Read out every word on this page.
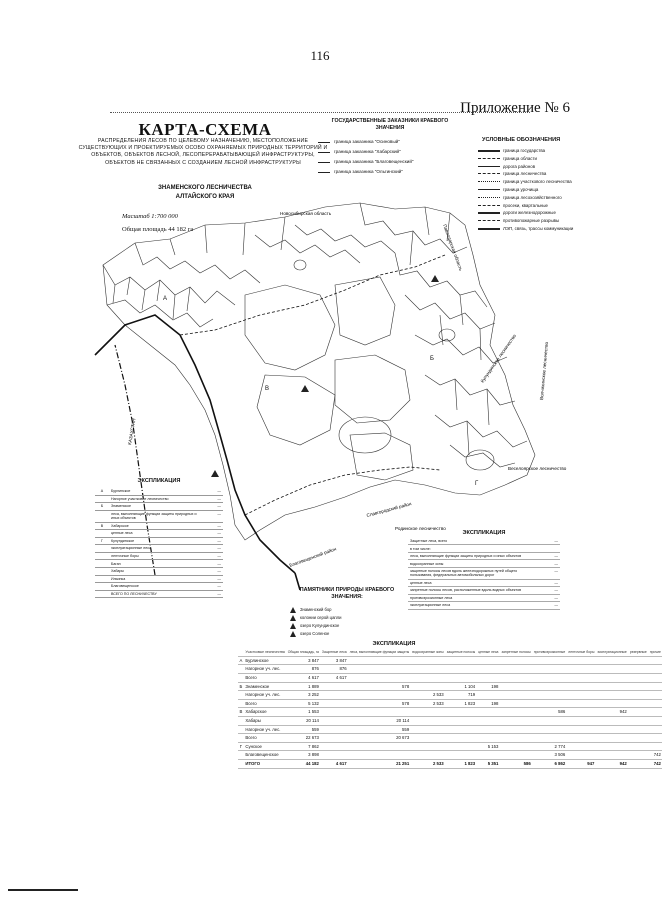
116
Приложение № 6
КАРТА-СХЕМА
РАСПРЕДЕЛЕНИЯ ЛЕСОВ ПО ЦЕЛЕВОМУ НАЗНАЧЕНИЮ, МЕСТОПОЛОЖЕНИЕ СУЩЕСТВУЮЩИХ И ПРОЕКТИРУЕМЫХ ОСОБО ОХРАНЯЕМЫХ ПРИРОДНЫХ ТЕРРИТОРИЙ И ОБЪЕКТОВ, ОБЪЕКТОВ ЛЕСНОЙ, ЛЕСОПЕРЕРАБАТЫВАЮЩЕЙ ИНФРАСТРУКТУРЫ, ОБЪЕКТОВ НЕ СВЯЗАННЫХ С СОЗДАНИЕМ ЛЕСНОЙ ИНФРАСТРУКТУРЫ
ЗНАМЕНСКОГО ЛЕСНИЧЕСТВА
АЛТАЙСКОГО КРАЯ
Масштаб 1:700 000
Общая площадь 44 182 га
ГОСУДАРСТВЕННЫЕ ЗАКАЗНИКИ КРАЕВОГО ЗНАЧЕНИЯ
граница заказника "Осиновый"
граница заказника "Хабарский"
граница заказника "Благовещенский"
граница заказника "Ольгинский"
УСЛОВНЫЕ ОБОЗНАЧЕНИЯ
граница государства
граница области
дорога районов
граница лесничества
граница участкового лесничества
граница урочища
граница лесохозяйственного
просеки, квартальные
дороги железнодорожные
противопожарные разрывы
ЛЭП, связь, трассы коммуникации
Новосибирская область
Павлодарская область
КАЗАХСТАН
Веселоярское лесничество
Волчихинское лесничество
Кулундинское лесничество
Родинское лесничество
Славгородский район
Благовещенский район
А
Б
Г
В
ЭКСПЛИКАЦИЯ
А	Бурлинское	—
	Нагорное участковое лесничество	—
Б	Знаменское	—
	леса, выполняющие функции защиты природных и иных объектов	—
В	Хабарское	—
	ценные леса	—
Г	Кулундинское	—
	эксплуатационные леса	—
	ленточные боры	—
	Баган	—
	Хабары	—
	Ильинка	—
	Благовещенское	—
	ВСЕГО ПО ЛЕСНИЧЕСТВУ	—
ЭКСПЛИКАЦИЯ
Защитные леса, всего	—
в том числе:	
леса, выполняющие функции защиты природных и иных объектов	—
водоохранные зоны	—
защитные полосы лесов вдоль железнодорожных путей общего пользования, федеральных автомобильных дорог	—
ценные леса	—
запретные полосы лесов, расположенные вдоль водных объектов	—
противоэрозионные леса	—
эксплуатационные леса	—
ПАМЯТНИКИ ПРИРОДЫ КРАЕВОГО ЗНАЧЕНИЯ:
Знаменский бор
колонии серой цапли
озеро Кулундинское
озеро Соленое
ЭКСПЛИКАЦИЯ
	Участковые лесничества	Общая площадь, га	Защитные леса	леса, выполняющие функции защиты	водоохранные зоны	защитные полосы	ценные леса	запретные полосы	противоэрозионные	ленточные боры	эксплуатационные	резервные	прочие
А	Бурлинское	3 847	3 847										
	Нагорное уч. лес.	876	876										
	Всего	4 617	4 617										
Б	Знаменское	1 889		578		1 104	198						
	Нагорное уч. лес.	3 252			2 533	719							
	Всего	5 132		578	2 533	1 823	198						
В	Хабарское	1 553							586		942		
	Хабары	20 114		20 114									
	Нагорное уч. лес.	559		559									
	Всего	22 673		20 673									
Г	Сунское	7 862					5 153		2 774				
	Благовещенское	3 898							3 506				742
	ИТОГО	44 182	4 617	21 251	2 533	1 823	5 351	586	6 862	947	942		742
